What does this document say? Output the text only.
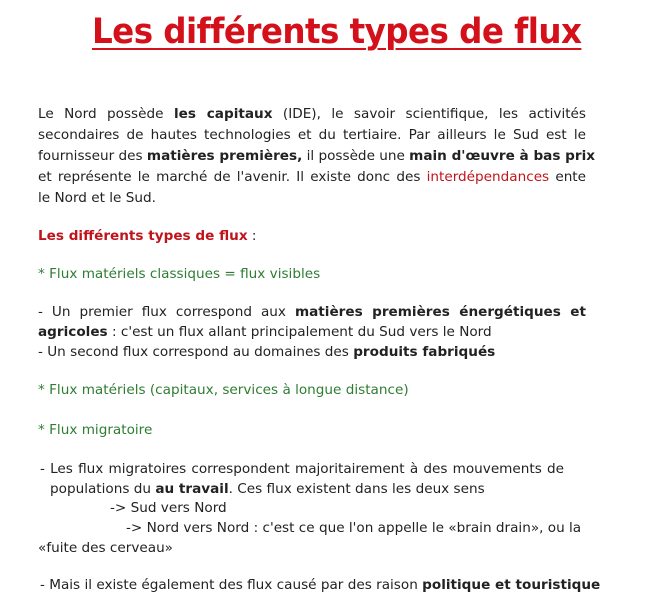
Les différents types de flux
Le Nord possède les capitaux (IDE), le savoir scientifique, les activités
secondaires de hautes technologies et du tertiaire. Par ailleurs le Sud est le
fournisseur des matières premières, il possède une main d'œuvre à bas prix
et représente le marché de l'avenir. Il existe donc des interdépendances ente
le Nord et le Sud.
Les différents types de flux :
* Flux matériels classiques = flux visibles
- Un premier flux correspond aux matières premières énergétiques et
agricoles : c'est un flux allant principalement du Sud vers le Nord
- Un second flux correspond au domaines des produits fabriqués
* Flux matériels (capitaux, services à longue distance)
* Flux migratoire
- Les flux migratoires correspondent majoritairement à des mouvements de
populations du au travail. Ces flux existent dans les deux sens
-> Sud vers Nord
-> Nord vers Nord : c'est ce que l'on appelle le «brain drain», ou la
«fuite des cerveau»
- Mais il existe également des flux causé par des raison politique et touristique
